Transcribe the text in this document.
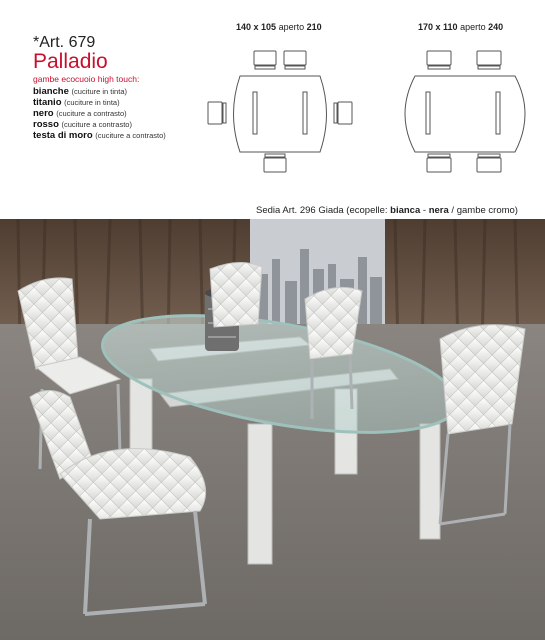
*Art. 679
Palladio
gambe ecocuoio high touch:
bianche (cuciture in tinta)
titanio (cuciture in tinta)
nero (cuciture a contrasto)
rosso (cuciture a contrasto)
testa di moro (cuciture a contrasto)
140 x 105 aperto 210	170 x 110 aperto 240
Sedia Art. 296 Giada (ecopelle: bianca - nera / gambe cromo)
